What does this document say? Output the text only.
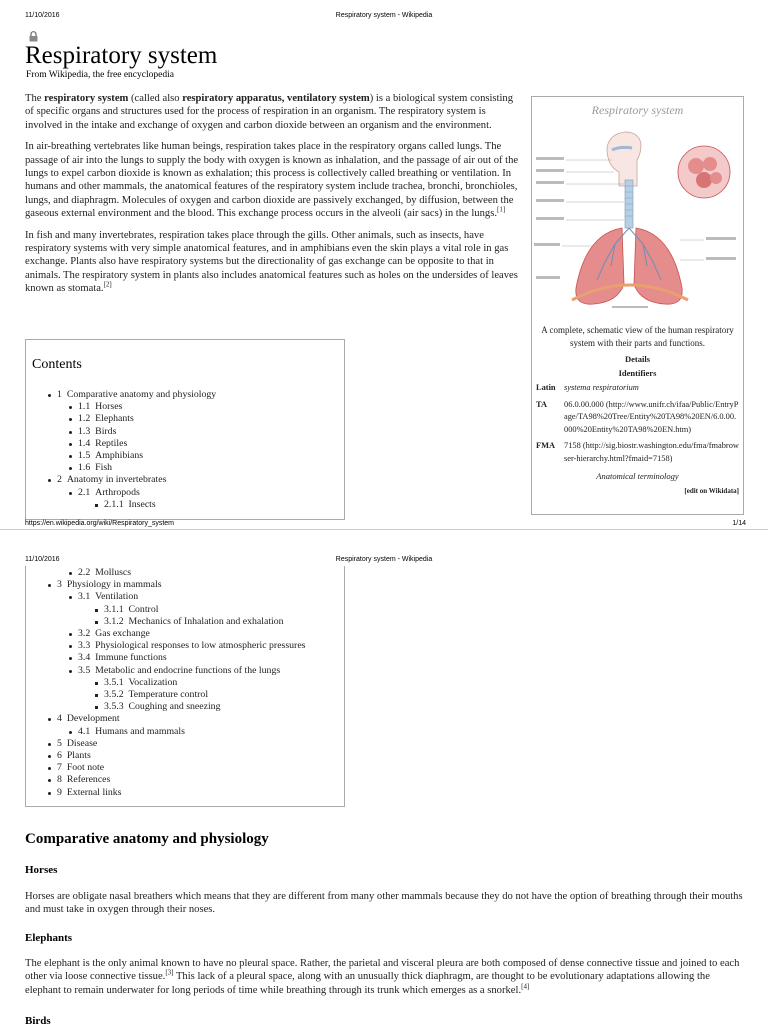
11/10/2016	Respiratory system - Wikipedia
Respiratory system
From Wikipedia, the free encyclopedia

The respiratory system (called also respiratory apparatus, ventilatory system) is a biological system consisting of specific organs and structures used for the process of respiration in an organism. The respiratory system is involved in the intake and exchange of oxygen and carbon dioxide between an organism and the environment.

In air-breathing vertebrates like human beings, respiration takes place in the respiratory organs called lungs. The passage of air into the lungs to supply the body with oxygen is known as inhalation, and the passage of air out of the lungs to expel carbon dioxide is known as exhalation; this process is collectively called breathing or ventilation. In humans and other mammals, the anatomical features of the respiratory system include trachea, bronchi, bronchioles, lungs, and diaphragm. Molecules of oxygen and carbon dioxide are passively exchanged, by diffusion, between the gaseous external environment and the blood. This exchange process occurs in the alveoli (air sacs) in the lungs.[1]

In fish and many invertebrates, respiration takes place through the gills. Other animals, such as insects, have respiratory systems with very simple anatomical features, and in amphibians even the skin plays a vital role in gas exchange. Plants also have respiratory systems but the directionality of gas exchange can be opposite to that in animals. The respiratory system in plants also includes anatomical features such as holes on the undersides of leaves known as stomata.[2]

Respiratory system
A complete, schematic view of the human respiratory system with their parts and functions.
Details
Identifiers
Latin	systema respiratorium
TA	06.0.00.000 (http://www.unifr.ch/ifaa/Public/EntryPage/TA98%20Tree/Entity%20TA98%20EN/6.0.00.000%20Entity%20TA98%20EN.htm)
FMA	7158 (http://sig.biostr.washington.edu/fma/fmabrowser-hierarchy.html?fmaid=7158)
Anatomical terminology
[edit on Wikidata]
Contents
1 Comparative anatomy and physiology
1.1 Horses
1.2 Elephants
1.3 Birds
1.4 Reptiles
1.5 Amphibians
1.6 Fish
2 Anatomy in invertebrates
2.1 Arthropods
2.1.1 Insects
https://en.wikipedia.org/wiki/Respiratory_system	1/14
11/10/2016	Respiratory system - Wikipedia
2.2 Molluscs
3 Physiology in mammals
3.1 Ventilation
3.1.1 Control
3.1.2 Mechanics of Inhalation and exhalation
3.2 Gas exchange
3.3 Physiological responses to low atmospheric pressures
3.4 Immune functions
3.5 Metabolic and endocrine functions of the lungs
3.5.1 Vocalization
3.5.2 Temperature control
3.5.3 Coughing and sneezing
4 Development
4.1 Humans and mammals
5 Disease
6 Plants
7 Foot note
8 References
9 External links
Comparative anatomy and physiology
Horses
Horses are obligate nasal breathers which means that they are different from many other mammals because they do not have the option of breathing through their mouths and must take in oxygen through their noses.
Elephants
The elephant is the only animal known to have no pleural space. Rather, the parietal and visceral pleura are both composed of dense connective tissue and joined to each other via loose connective tissue.[3] This lack of a pleural space, along with an unusually thick diaphragm, are thought to be evolutionary adaptations allowing the elephant to remain underwater for long periods of time while breathing through its trunk which emerges as a snorkel.[4]
Birds
